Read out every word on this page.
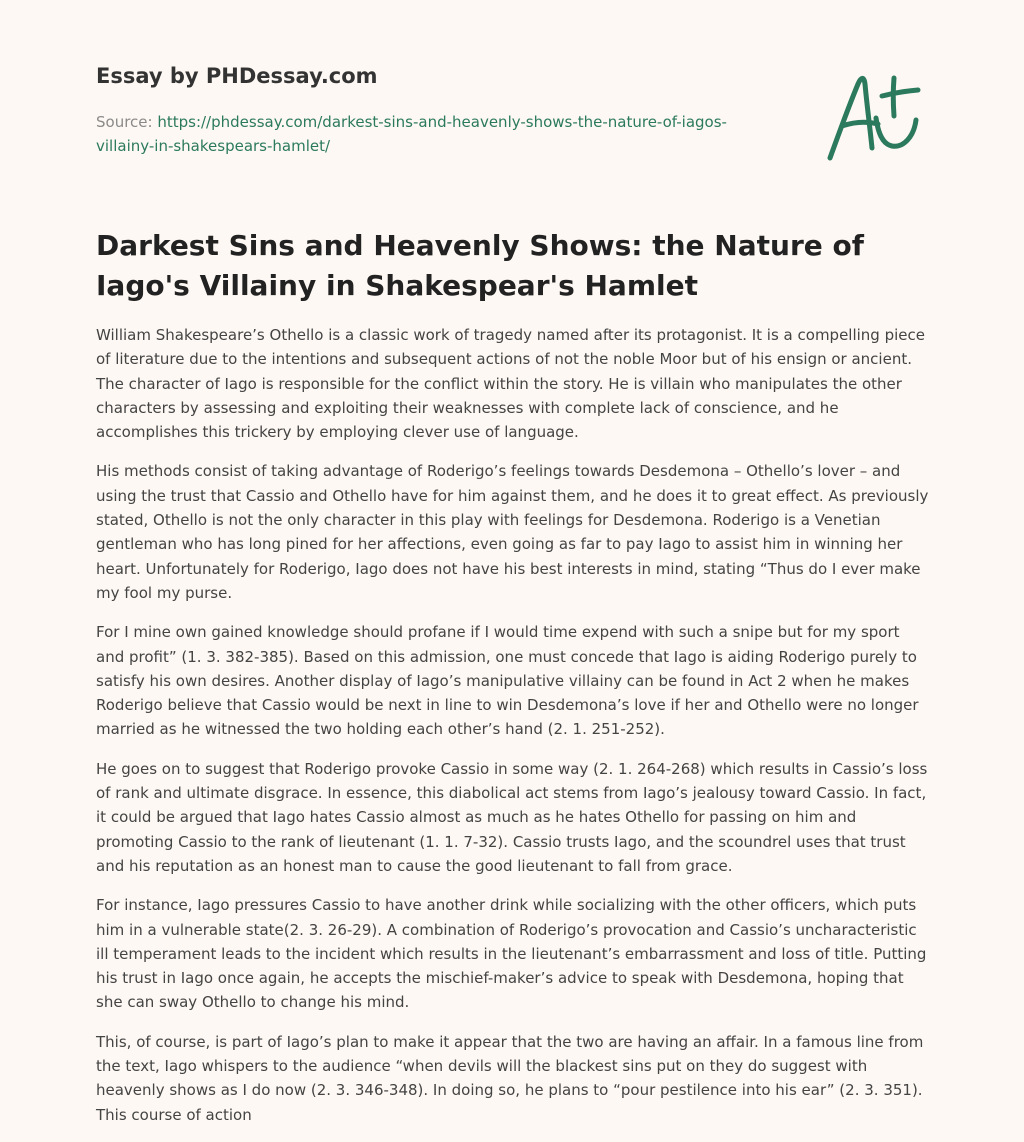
Essay by PHDessay.com
Source: https://phdessay.com/darkest-sins-and-heavenly-shows-the-nature-of-iagos-villainy-in-shakespears-hamlet/
Darkest Sins and Heavenly Shows: the Nature of Iago's Villainy in Shakespear's Hamlet

William Shakespeare’s Othello is a classic work of tragedy named after its protagonist. It is a compelling piece of literature due to the intentions and subsequent actions of not the noble Moor but of his ensign or ancient. The character of Iago is responsible for the conflict within the story. He is villain who manipulates the other characters by assessing and exploiting their weaknesses with complete lack of conscience, and he accomplishes this trickery by employing clever use of language.

His methods consist of taking advantage of Roderigo’s feelings towards Desdemona – Othello’s lover – and using the trust that Cassio and Othello have for him against them, and he does it to great effect. As previously stated, Othello is not the only character in this play with feelings for Desdemona. Roderigo is a Venetian gentleman who has long pined for her affections, even going as far to pay Iago to assist him in winning her heart. Unfortunately for Roderigo, Iago does not have his best interests in mind, stating “Thus do I ever make my fool my purse.

For I mine own gained knowledge should profane if I would time expend with such a snipe but for my sport and profit” (1. 3. 382-385). Based on this admission, one must concede that Iago is aiding Roderigo purely to satisfy his own desires. Another display of Iago’s manipulative villainy can be found in Act 2 when he makes Roderigo believe that Cassio would be next in line to win Desdemona’s love if her and Othello were no longer married as he witnessed the two holding each other’s hand (2. 1. 251-252).

He goes on to suggest that Roderigo provoke Cassio in some way (2. 1. 264-268) which results in Cassio’s loss of rank and ultimate disgrace. In essence, this diabolical act stems from Iago’s jealousy toward Cassio. In fact, it could be argued that Iago hates Cassio almost as much as he hates Othello for passing on him and promoting Cassio to the rank of lieutenant (1. 1. 7-32). Cassio trusts Iago, and the scoundrel uses that trust and his reputation as an honest man to cause the good lieutenant to fall from grace.

For instance, Iago pressures Cassio to have another drink while socializing with the other officers, which puts him in a vulnerable state(2. 3. 26-29). A combination of Roderigo’s provocation and Cassio’s uncharacteristic ill temperament leads to the incident which results in the lieutenant’s embarrassment and loss of title. Putting his trust in Iago once again, he accepts the mischief-maker’s advice to speak with Desdemona, hoping that she can sway Othello to change his mind.

This, of course, is part of Iago’s plan to make it appear that the two are having an affair. In a famous line from the text, Iago whispers to the audience “when devils will the blackest sins put on they do suggest with heavenly shows as I do now (2. 3. 346-348). In doing so, he plans to “pour pestilence into his ear” (2. 3. 351). This course of action
